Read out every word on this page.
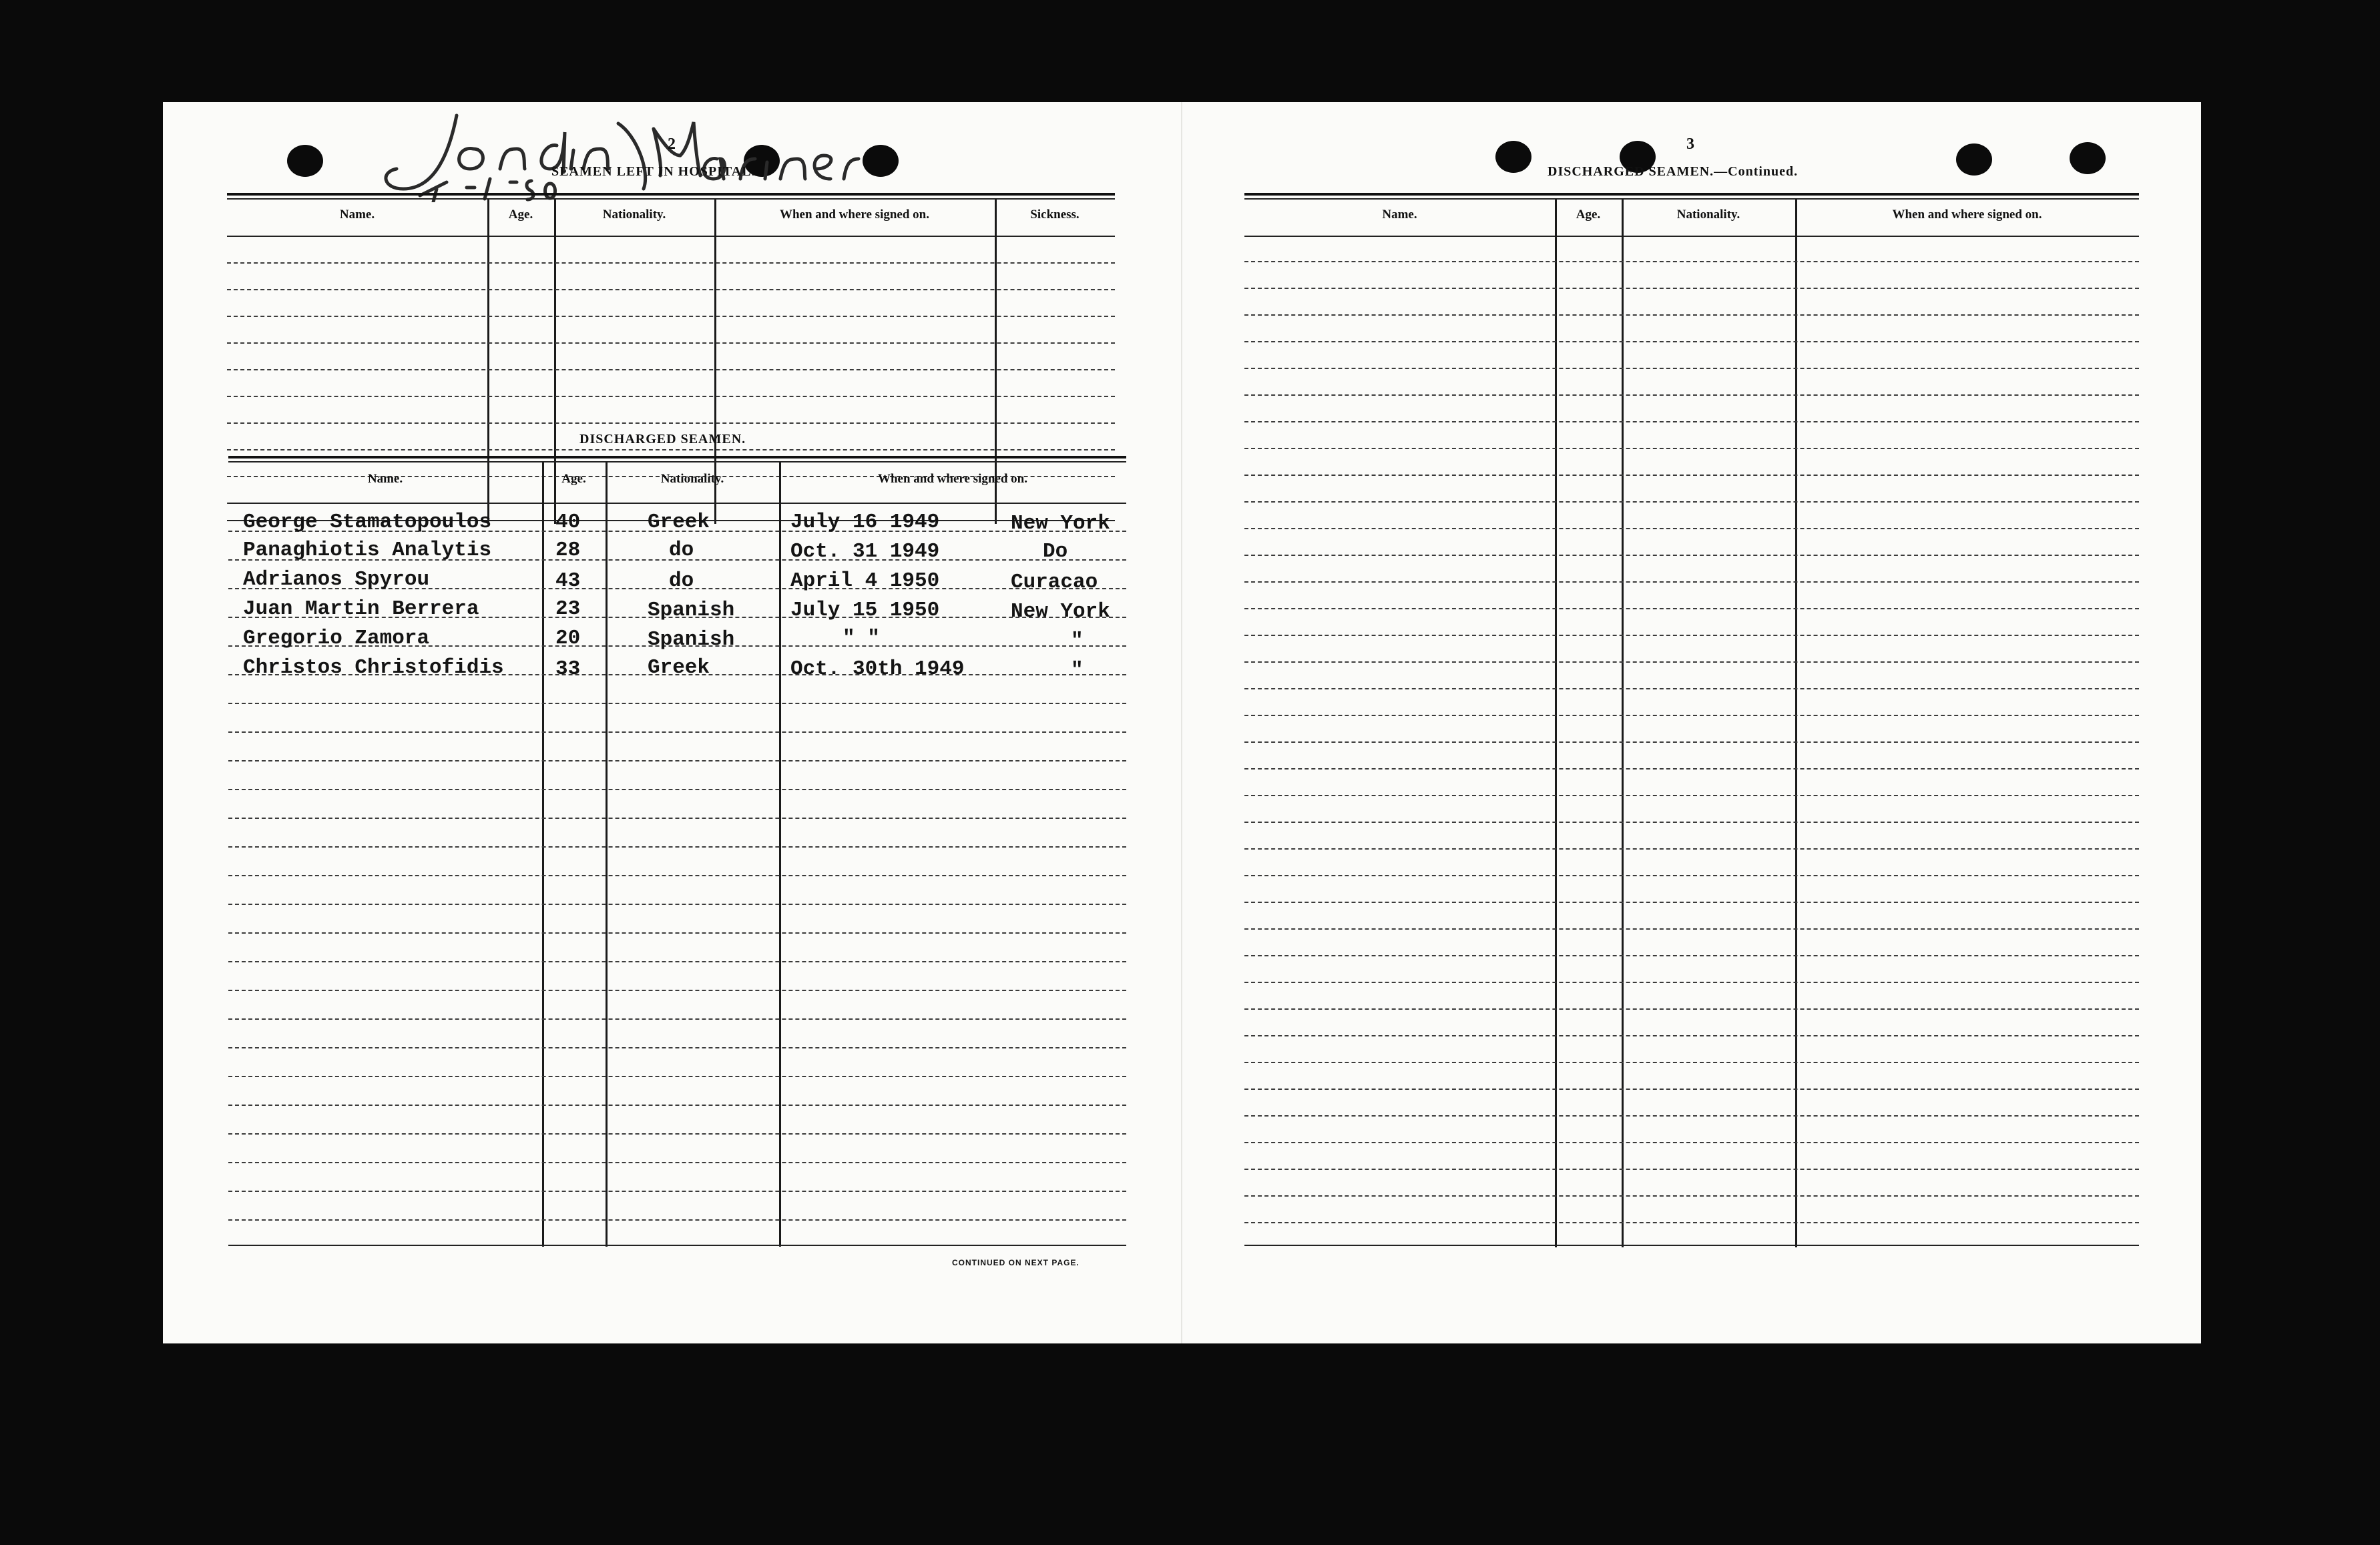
2
SEAMEN LEFT IN HOSPITAL.
Name.	Age.	Nationality.	When and where signed on.	Sickness.
DISCHARGED SEAMEN.
Name.	Age.	Nationality.	When and where signed on.
George Stamatopoulos	40	Greek	July 16 1949	New York
Panaghiotis Analytis	28	do	Oct. 31 1949	Do
Adrianos Spyrou	43	do	April 4 1950	Curacao
Juan Martin Berrera	23	Spanish	July 15 1950	New York
Gregorio Zamora	20	Spanish	" "	"
Christos Christofidis 33	Greek	Oct. 30th 1949	"
CONTINUED ON NEXT PAGE.
3
DISCHARGED SEAMEN.—Continued.
Name.	Age.	Nationality.	When and where signed on.
